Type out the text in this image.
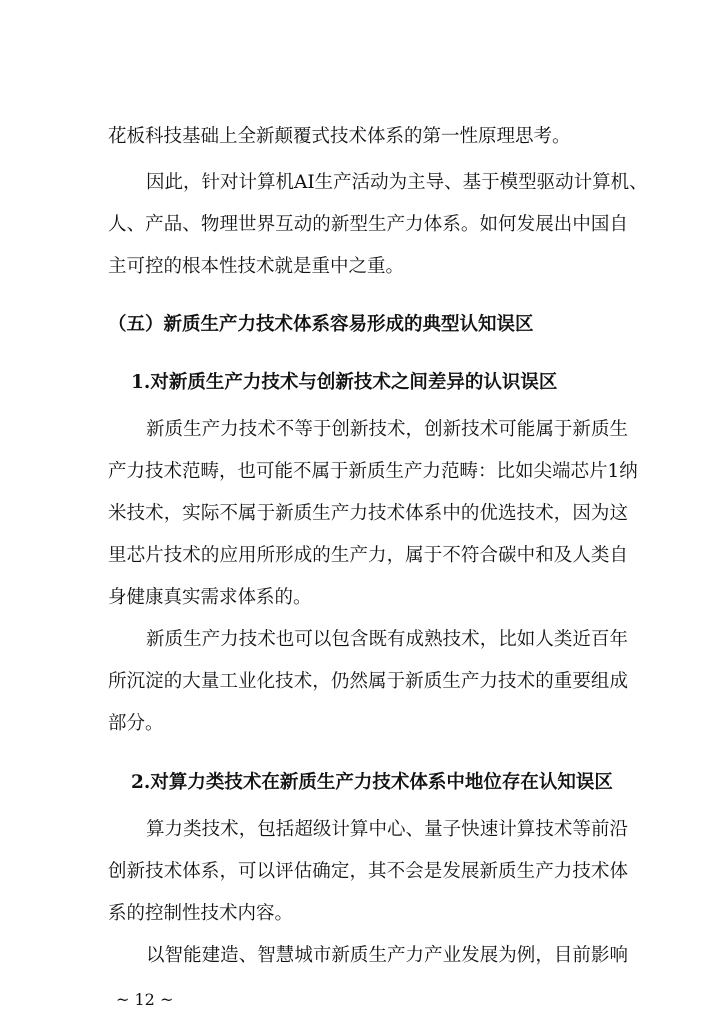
花板科技基础上全新颠覆式技术体系的第一性原理思考。
因此，针对计算机AI生产活动为主导、基于模型驱动计算机、
人、产品、物理世界互动的新型生产力体系。如何发展出中国自
主可控的根本性技术就是重中之重。
（五）新质生产力技术体系容易形成的典型认知误区
1.对新质生产力技术与创新技术之间差异的认识误区
新质生产力技术不等于创新技术，创新技术可能属于新质生
产力技术范畴，也可能不属于新质生产力范畴：比如尖端芯片1纳
米技术，实际不属于新质生产力技术体系中的优选技术，因为这
里芯片技术的应用所形成的生产力，属于不符合碳中和及人类自
身健康真实需求体系的。
新质生产力技术也可以包含既有成熟技术，比如人类近百年
所沉淀的大量工业化技术，仍然属于新质生产力技术的重要组成
部分。
2.对算力类技术在新质生产力技术体系中地位存在认知误区
算力类技术，包括超级计算中心、量子快速计算技术等前沿
创新技术体系，可以评估确定，其不会是发展新质生产力技术体
系的控制性技术内容。
以智能建造、智慧城市新质生产力产业发展为例，目前影响
~ 12 ~
